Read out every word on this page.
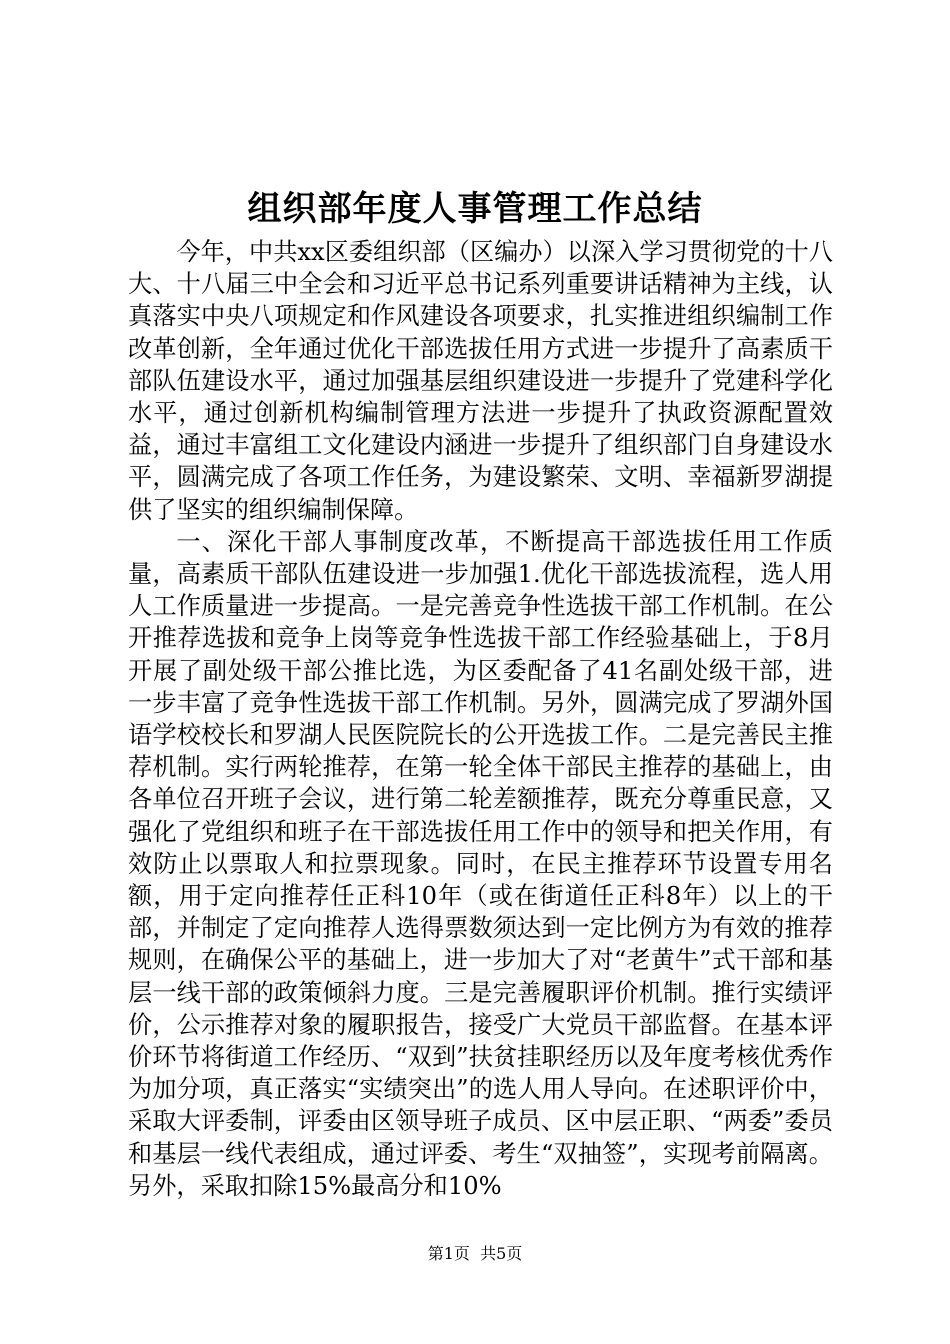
组织部年度人事管理工作总结

今年，中共xx区委组织部（区编办）以深入学习贯彻党的十八大、十八届三中全会和习近平总书记系列重要讲话精神为主线，认真落实中央八项规定和作风建设各项要求，扎实推进组织编制工作改革创新，全年通过优化干部选拔任用方式进一步提升了高素质干部队伍建设水平，通过加强基层组织建设进一步提升了党建科学化水平，通过创新机构编制管理方法进一步提升了执政资源配置效益，通过丰富组工文化建设内涵进一步提升了组织部门自身建设水平，圆满完成了各项工作任务，为建设繁荣、文明、幸福新罗湖提供了坚实的组织编制保障。

一、深化干部人事制度改革，不断提高干部选拔任用工作质量，高素质干部队伍建设进一步加强1.优化干部选拔流程，选人用人工作质量进一步提高。一是完善竞争性选拔干部工作机制。在公开推荐选拔和竞争上岗等竞争性选拔干部工作经验基础上，于8月开展了副处级干部公推比选，为区委配备了41名副处级干部，进一步丰富了竞争性选拔干部工作机制。另外，圆满完成了罗湖外国语学校校长和罗湖人民医院院长的公开选拔工作。二是完善民主推荐机制。实行两轮推荐，在第一轮全体干部民主推荐的基础上，由各单位召开班子会议，进行第二轮差额推荐，既充分尊重民意，又强化了党组织和班子在干部选拔任用工作中的领导和把关作用，有效防止以票取人和拉票现象。同时，在民主推荐环节设置专用名额，用于定向推荐任正科10年（或在街道任正科8年）以上的干部，并制定了定向推荐人选得票数须达到一定比例方为有效的推荐规则，在确保公平的基础上，进一步加大了对“老黄牛”式干部和基层一线干部的政策倾斜力度。三是完善履职评价机制。推行实绩评价，公示推荐对象的履职报告，接受广大党员干部监督。在基本评价环节将街道工作经历、“双到”扶贫挂职经历以及年度考核优秀作为加分项，真正落实“实绩突出”的选人用人导向。在述职评价中，采取大评委制，评委由区领导班子成员、区中层正职、“两委”委员和基层一线代表组成，通过评委、考生“双抽签”，实现考前隔离。另外，采取扣除15%最高分和10%

第1页 共5页
